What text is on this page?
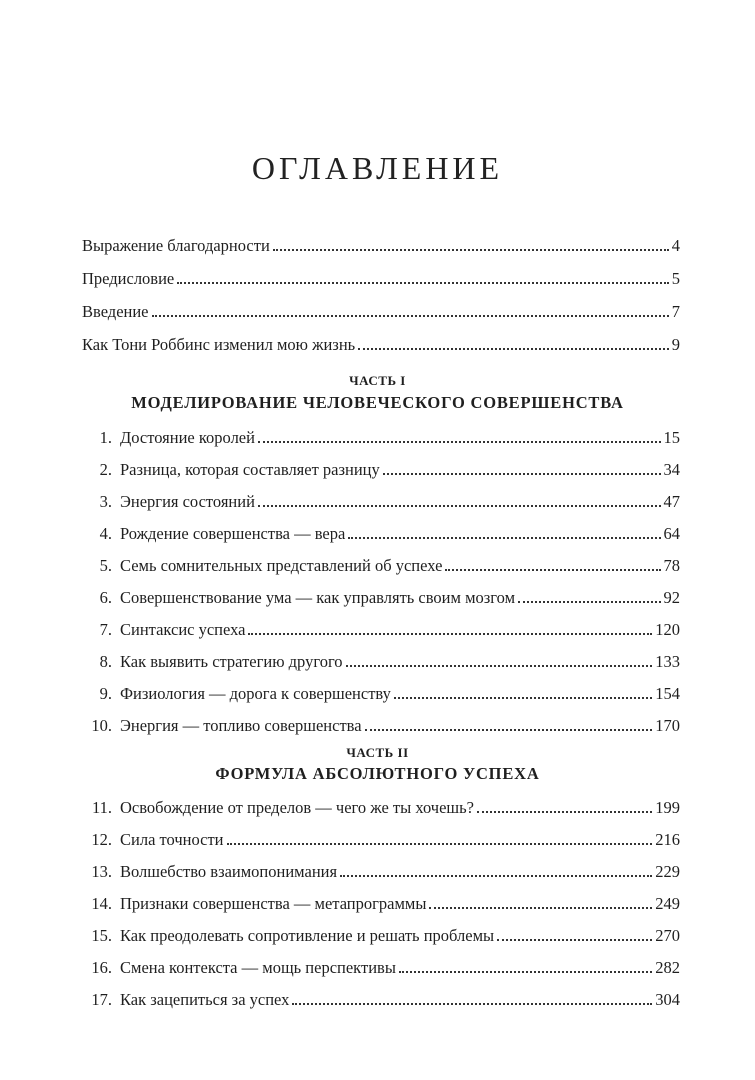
ОГЛАВЛЕНИЕ
Выражение благодарности	4
Предисловие	5
Введение	7
Как Тони Роббинс изменил мою жизнь	9
ЧАСТЬ I
МОДЕЛИРОВАНИЕ ЧЕЛОВЕЧЕСКОГО СОВЕРШЕНСТВА
1. Достояние королей	15
2. Разница, которая составляет разницу	34
3. Энергия состояний	47
4. Рождение совершенства — вера	64
5. Семь сомнительных представлений об успехе	78
6. Совершенствование ума — как управлять своим мозгом	92
7. Синтаксис успеха	120
8. Как выявить стратегию другого	133
9. Физиология — дорога к совершенству	154
10. Энергия — топливо совершенства	170
ЧАСТЬ II
ФОРМУЛА АБСОЛЮТНОГО УСПЕХА
11. Освобождение от пределов — чего же ты хочешь?	199
12. Сила точности	216
13. Волшебство взаимопонимания	229
14. Признаки совершенства — метапрограммы	249
15. Как преодолевать сопротивление и решать проблемы	270
16. Смена контекста — мощь перспективы	282
17. Как зацепиться за успех	304
